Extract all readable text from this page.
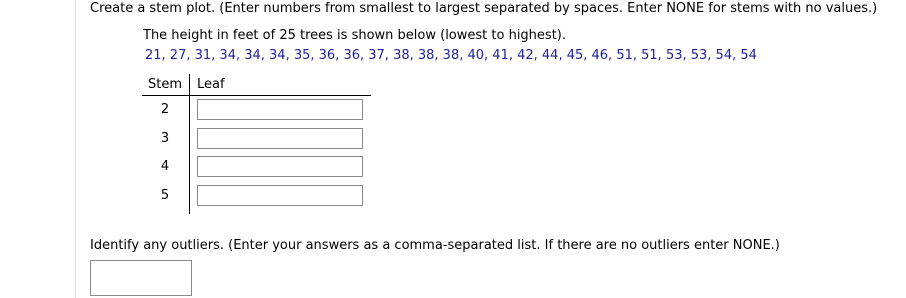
Create a stem plot. (Enter numbers from smallest to largest separated by spaces. Enter NONE for stems with no values.)
The height in feet of 25 trees is shown below (lowest to highest).
21, 27, 31, 34, 34, 34, 35, 36, 36, 37, 38, 38, 38, 40, 41, 42, 44, 45, 46, 51, 51, 53, 53, 54, 54
Stem Leaf
2
3
4
5
Identify any outliers. (Enter your answers as a comma-separated list. If there are no outliers enter NONE.)
